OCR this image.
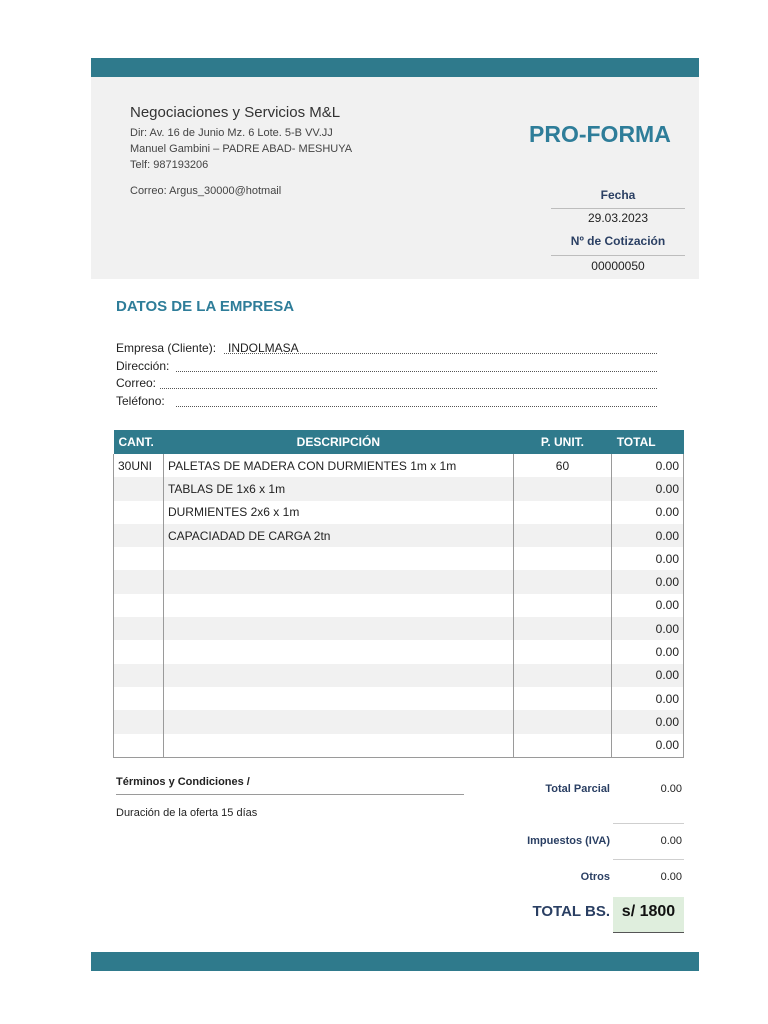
Negociaciones y Servicios M&L
Dir: Av. 16 de Junio Mz. 6 Lote. 5-B VV.JJ
Manuel Gambini – PADRE ABAD- MESHUYA
Telf: 987193206
Correo: Argus_30000@hotmail
PRO-FORMA
Fecha
29.03.2023
Nº de Cotización
00000050
DATOS DE LA EMPRESA
Empresa (Cliente): INDOLMASA
Dirección:
Correo:
Teléfono:
CANT.	DESCRIPCIÓN	P. UNIT.	TOTAL
30UNI	PALETAS DE MADERA CON DURMIENTES 1m x 1m	60	0.00
	TABLAS DE 1x6 x 1m		0.00
	DURMIENTES 2x6 x 1m		0.00
	CAPACIADAD DE CARGA 2tn		0.00
			0.00
			0.00
			0.00
			0.00
			0.00
			0.00
			0.00
			0.00
			0.00
Términos y Condiciones /
Duración de la oferta 15 días
Total Parcial	0.00
Impuestos (IVA)	0.00
Otros	0.00
TOTAL BS. s/ 1800
